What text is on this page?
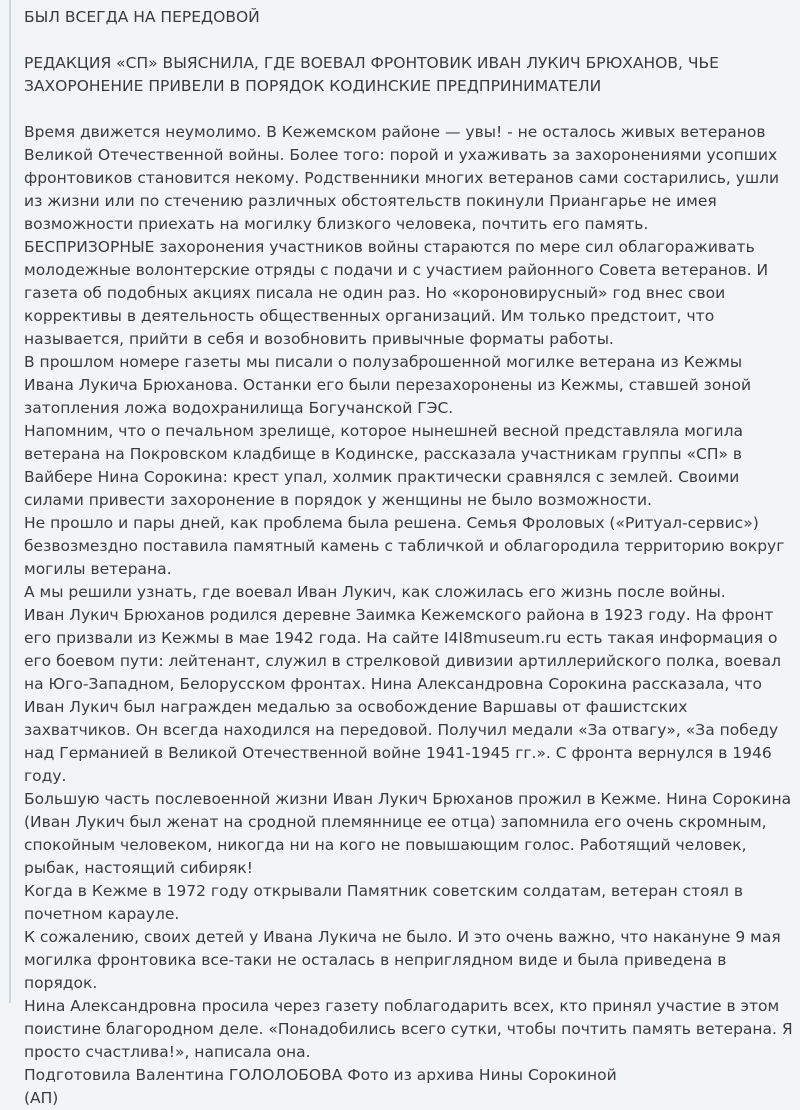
БЫЛ ВСЕГДА НА ПЕРЕДОВОЙ

РЕДАКЦИЯ «СП» ВЫЯСНИЛА, ГДЕ ВОЕВАЛ ФРОНТОВИК ИВАН ЛУКИЧ БРЮХАНОВ, ЧЬЕ ЗАХОРОНЕНИЕ ПРИВЕЛИ В ПОРЯДОК КОДИНСКИЕ ПРЕДПРИНИМАТЕЛИ

Время движется неумолимо. В Кежемском районе — увы! - не осталось живых ветеранов Великой Отечественной войны. Более того: порой и ухаживать за захоронениями усопших фронтовиков становится некому. Родственники многих ветеранов сами состарились, ушли из жизни или по стечению различных обстоятельств покинули Приангарье не имея возможности приехать на могилку близкого человека, почтить его память.

БЕСПРИЗОРНЫЕ захоронения участников войны стараются по мере сил облагораживать молодежные волонтерские отряды с подачи и с участием районного Совета ветеранов. И газета об подобных акциях писала не один раз. Но «короновирусный» год внес свои коррективы в деятельность общественных организаций. Им только предстоит, что называется, прийти в себя и возобновить привычные форматы работы.

В прошлом номере газеты мы писали о полузаброшенной могилке ветерана из Кежмы Ивана Лукича Брюханова. Останки его были перезахоронены из Кежмы, ставшей зоной затопления ложа водохранилища Богучанской ГЭС.

Напомним, что о печальном зрелище, которое нынешней весной представляла могила ветерана на Покровском кладбище в Кодинске, рассказала участникам группы «СП» в Вайбере Нина Сорокина: крест упал, холмик практически сравнялся с землей. Своими силами привести захоронение в порядок у женщины не было возможности.

Не прошло и пары дней, как проблема была решена. Семья Фроловых («Ритуал-сервис») безвозмездно поставила памятный камень с табличкой и облагородила территорию вокруг могилы ветерана.

А мы решили узнать, где воевал Иван Лукич, как сложилась его жизнь после войны.

Иван Лукич Брюханов родился деревне Заимка Кежемского района в 1923 году. На фронт его призвали из Кежмы в мае 1942 года. На сайте I4I8museum.ru есть такая информация о его боевом пути: лейтенант, служил в стрелковой дивизии артиллерийского полка, воевал на Юго-Западном, Белорусском фронтах. Нина Александровна Сорокина рассказала, что Иван Лукич был награжден медалью за освобождение Варшавы от фашистских захватчиков. Он всегда находился на передовой. Получил медали «За отвагу», «За победу над Германией в Великой Отечественной войне 1941-1945 гг.». С фронта вернулся в 1946 году.

Большую часть послевоенной жизни Иван Лукич Брюханов прожил в Кежме. Нина Сорокина (Иван Лукич был женат на сродной племяннице ее отца) запомнила его очень скромным, спокойным человеком, никогда ни на кого не повышающим голос. Работящий человек, рыбак, настоящий сибиряк!

Когда в Кежме в 1972 году открывали Памятник советским солдатам, ветеран стоял в почетном карауле.

К сожалению, своих детей у Ивана Лукича не было. И это очень важно, что накануне 9 мая могилка фронтовика все-таки не осталась в неприглядном виде и была приведена в порядок.

Нина Александровна просила через газету поблагодарить всех, кто принял участие в этом поистине благородном деле. «Понадобились всего сутки, чтобы почтить память ветерана. Я просто счастлива!», написала она.

Подготовила Валентина ГОЛОЛОБОВА Фото из архива Нины Сорокиной

(АП)
